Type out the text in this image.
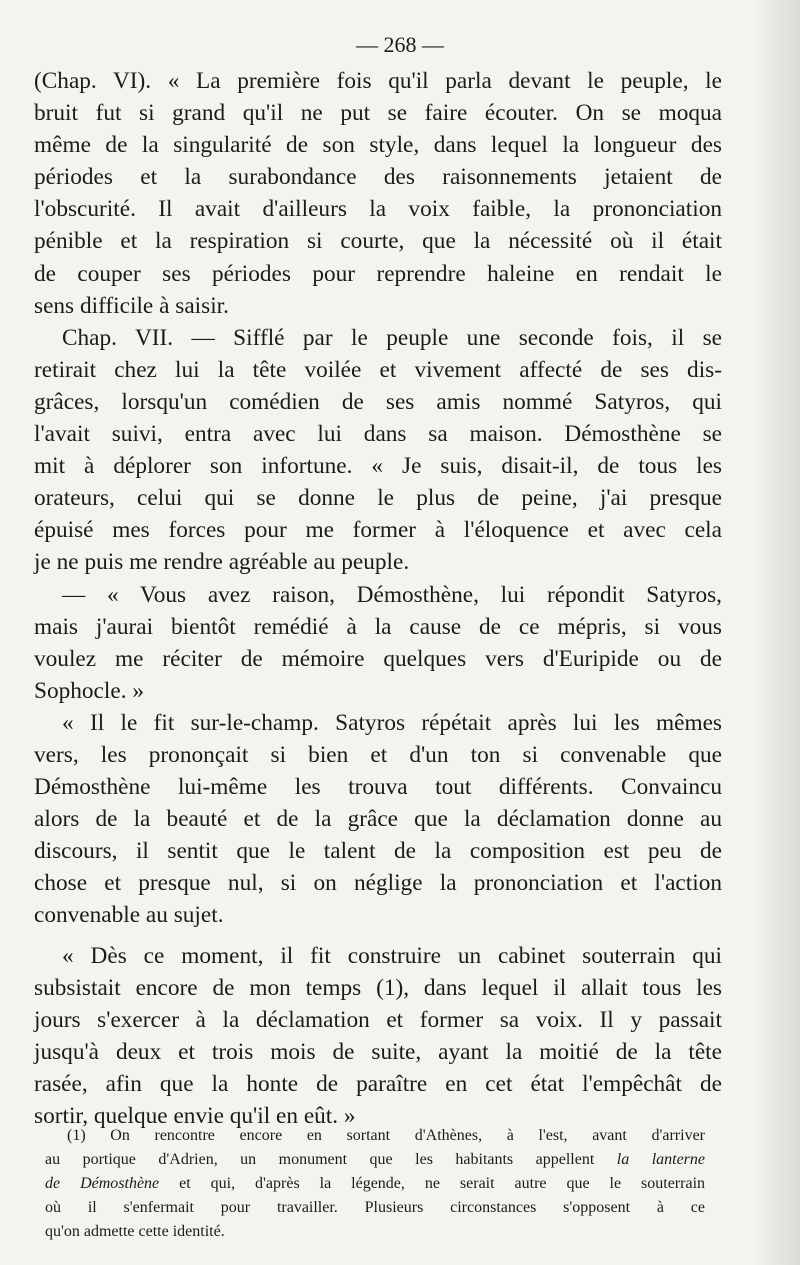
— 268 —

(Chap. VI). « La première fois qu'il parla devant le peuple, le
bruit fut si grand qu'il ne put se faire écouter. On se moqua
même de la singularité de son style, dans lequel la longueur des
périodes et la surabondance des raisonnements jetaient de
l'obscurité. Il avait d'ailleurs la voix faible, la prononciation
pénible et la respiration si courte, que la nécessité où il était
de couper ses périodes pour reprendre haleine en rendait le
sens difficile à saisir.

Chap. VII. — Sifflé par le peuple une seconde fois, il se
retirait chez lui la tête voilée et vivement affecté de ses dis-
grâces, lorsqu'un comédien de ses amis nommé Satyros, qui
l'avait suivi, entra avec lui dans sa maison. Démosthène se
mit à déplorer son infortune. « Je suis, disait-il, de tous les
orateurs, celui qui se donne le plus de peine, j'ai presque
épuisé mes forces pour me former à l'éloquence et avec cela
je ne puis me rendre agréable au peuple.

— « Vous avez raison, Démosthène, lui répondit Satyros,
mais j'aurai bientôt remédié à la cause de ce mépris, si vous
voulez me réciter de mémoire quelques vers d'Euripide ou de
Sophocle. »

« Il le fit sur-le-champ. Satyros répétait après lui les mêmes
vers, les prononçait si bien et d'un ton si convenable que
Démosthène lui-même les trouva tout différents. Convaincu
alors de la beauté et de la grâce que la déclamation donne au
discours, il sentit que le talent de la composition est peu de
chose et presque nul, si on néglige la prononciation et l'action
convenable au sujet.

« Dès ce moment, il fit construire un cabinet souterrain qui
subsistait encore de mon temps (1), dans lequel il allait tous les
jours s'exercer à la déclamation et former sa voix. Il y passait
jusqu'à deux et trois mois de suite, ayant la moitié de la tête
rasée, afin que la honte de paraître en cet état l'empêchât de
sortir, quelque envie qu'il en eût. »

(1) On rencontre encore en sortant d'Athènes, à l'est, avant d'arriver
au portique d'Adrien, un monument que les habitants appellent la lanterne
de Démosthène et qui, d'après la légende, ne serait autre que le souterrain
où il s'enfermait pour travailler. Plusieurs circonstances s'opposent à ce
qu'on admette cette identité.
